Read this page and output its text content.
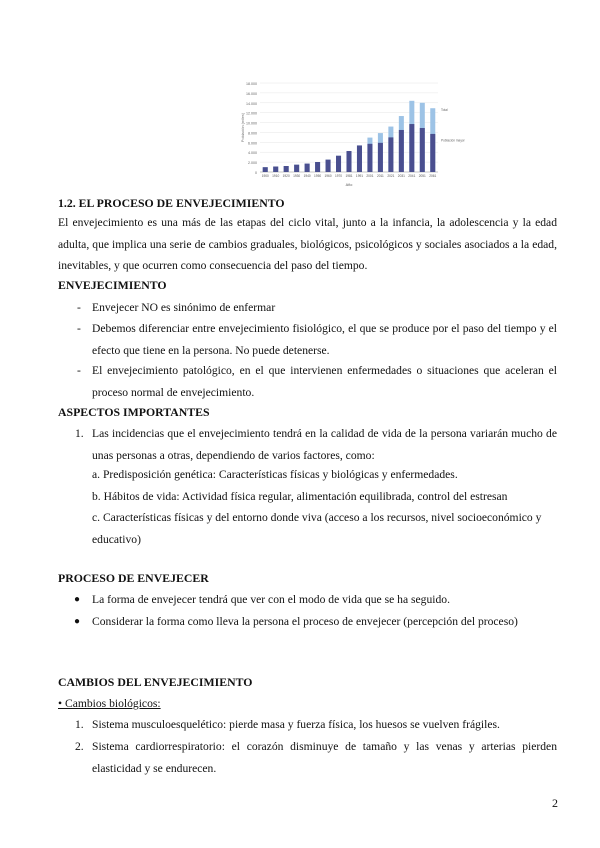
0
2.000
4.000
6.000
8.000
10.000
12.000
14.000
16.000
18.000
Población (miles)
1900 1910 1920 1930 1940 1950 1960 1970 1981 1991 2001 2011 2021 2031 2041 2051 2061
Año
Total
Población mayor
1.2. EL PROCESO DE ENVEJECIMIENTO
El envejecimiento es una más de las etapas del ciclo vital, junto a la infancia, la adolescencia y la edad adulta, que implica una serie de cambios graduales, biológicos, psicológicos y sociales asociados a la edad, inevitables, y que ocurren como consecuencia del paso del tiempo.
ENVEJECIMIENTO
- Envejecer NO es sinónimo de enfermar
- Debemos diferenciar entre envejecimiento fisiológico, el que se produce por el paso del tiempo y el efecto que tiene en la persona. No puede detenerse.
- El envejecimiento patológico, en el que intervienen enfermedades o situaciones que aceleran el proceso normal de envejecimiento.
ASPECTOS IMPORTANTES
1. Las incidencias que el envejecimiento tendrá en la calidad de vida de la persona variarán mucho de unas personas a otras, dependiendo de varios factores, como:
a. Predisposición genética: Características físicas y biológicas y enfermedades.
b. Hábitos de vida: Actividad física regular, alimentación equilibrada, control del estresan
c. Características físicas y del entorno donde viva (acceso a los recursos, nivel socioeconómico y educativo)
PROCESO DE ENVEJECER
● La forma de envejecer tendrá que ver con el modo de vida que se ha seguido.
● Considerar la forma como lleva la persona el proceso de envejecer (percepción del proceso)
CAMBIOS DEL ENVEJECIMIENTO
• Cambios biológicos:
1. Sistema musculoesquelético: pierde masa y fuerza física, los huesos se vuelven frágiles.
2. Sistema cardiorrespiratorio: el corazón disminuye de tamaño y las venas y arterias pierden elasticidad y se endurecen.
2
